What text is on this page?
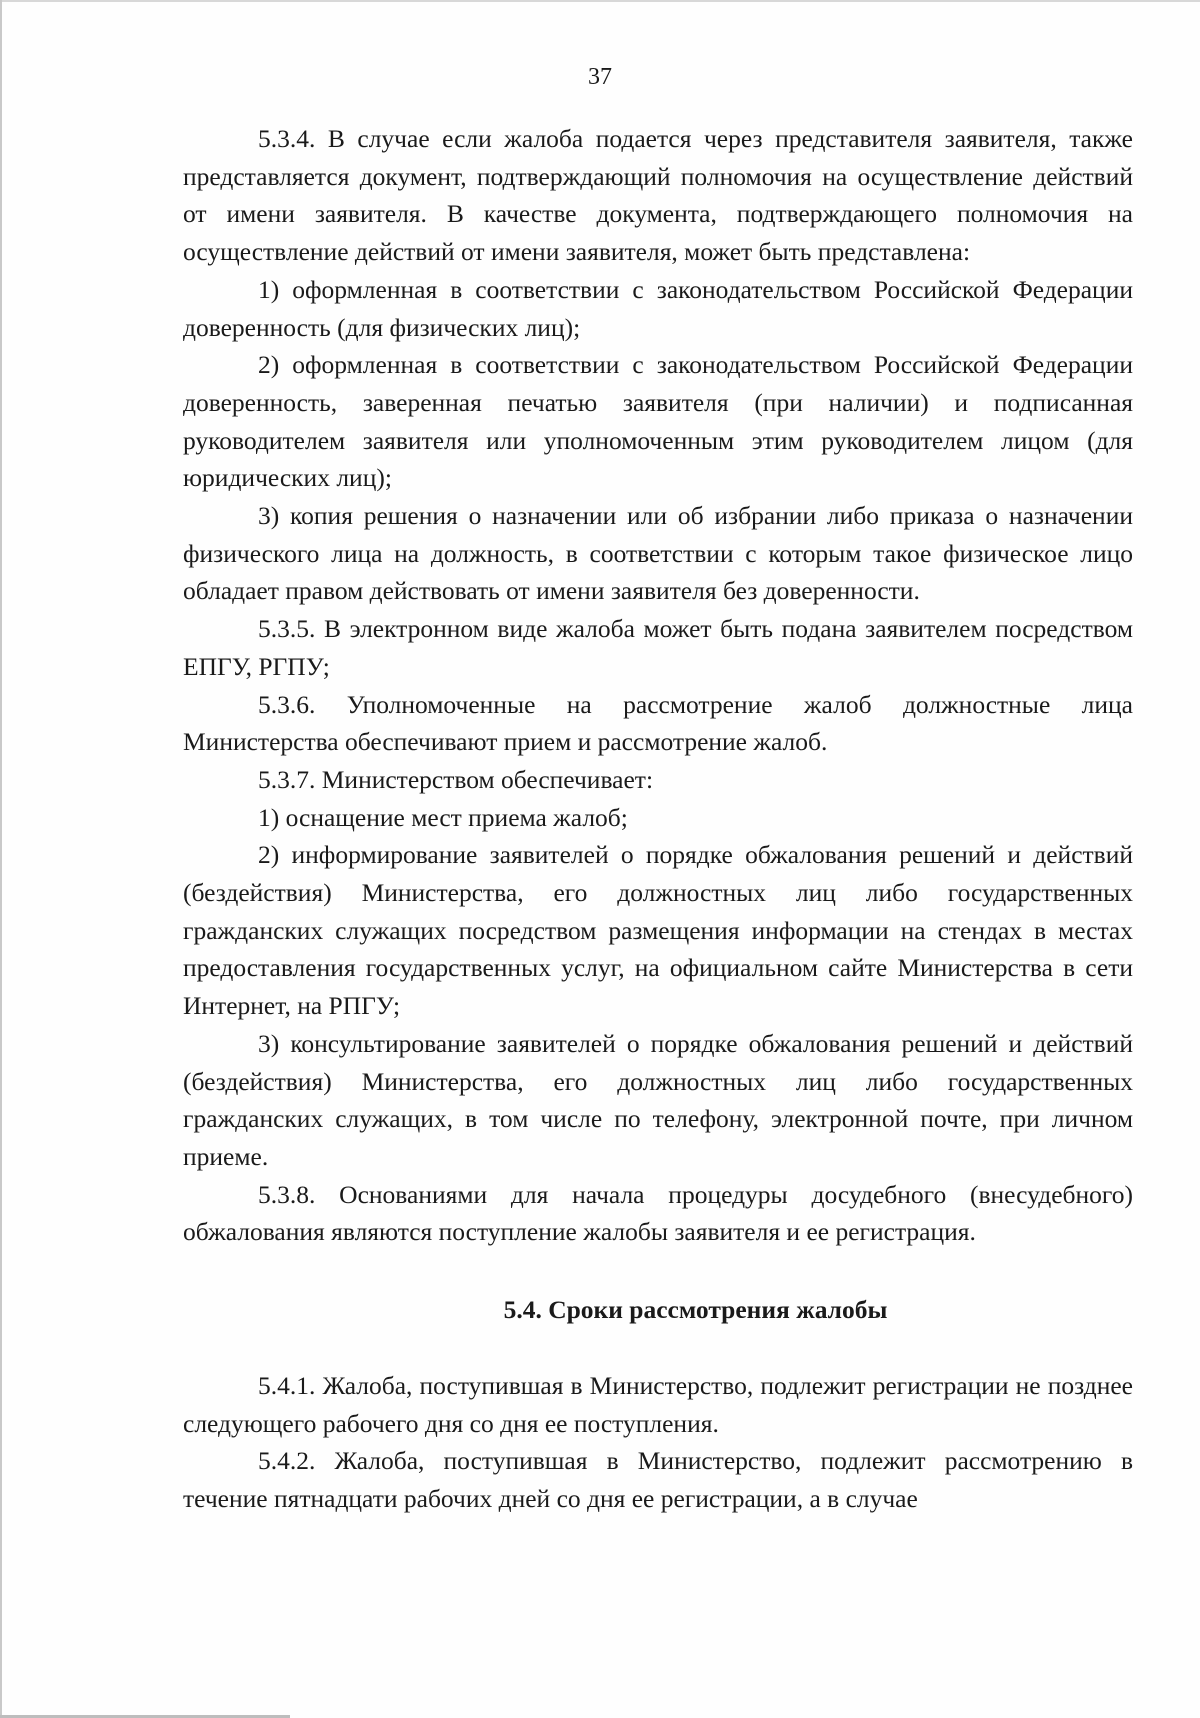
37

5.3.4. В случае если жалоба подается через представителя заявителя, также представляется документ, подтверждающий полномочия на осуществление действий от имени заявителя. В качестве документа, подтверждающего полномочия на осуществление действий от имени заявителя, может быть представлена:

1) оформленная в соответствии с законодательством Российской Федерации доверенность (для физических лиц);

2) оформленная в соответствии с законодательством Российской Федерации доверенность, заверенная печатью заявителя (при наличии) и подписанная руководителем заявителя или уполномоченным этим руководителем лицом (для юридических лиц);

3) копия решения о назначении или об избрании либо приказа о назначении физического лица на должность, в соответствии с которым такое физическое лицо обладает правом действовать от имени заявителя без доверенности.

5.3.5. В электронном виде жалоба может быть подана заявителем посредством ЕПГУ, РГПУ;

5.3.6. Уполномоченные на рассмотрение жалоб должностные лица Министерства обеспечивают прием и рассмотрение жалоб.

5.3.7. Министерством обеспечивает:

1) оснащение мест приема жалоб;

2) информирование заявителей о порядке обжалования решений и действий (бездействия) Министерства, его должностных лиц либо государственных гражданских служащих посредством размещения информации на стендах в местах предоставления государственных услуг, на официальном сайте Министерства в сети Интернет, на РПГУ;

3) консультирование заявителей о порядке обжалования решений и действий (бездействия) Министерства, его должностных лиц либо государственных гражданских служащих, в том числе по телефону, электронной почте, при личном приеме.

5.3.8. Основаниями для начала процедуры досудебного (внесудебного) обжалования являются поступление жалобы заявителя и ее регистрация.

5.4. Сроки рассмотрения жалобы

5.4.1. Жалоба, поступившая в Министерство, подлежит регистрации не позднее следующего рабочего дня со дня ее поступления.

5.4.2. Жалоба, поступившая в Министерство, подлежит рассмотрению в течение пятнадцати рабочих дней со дня ее регистрации, а в случае
